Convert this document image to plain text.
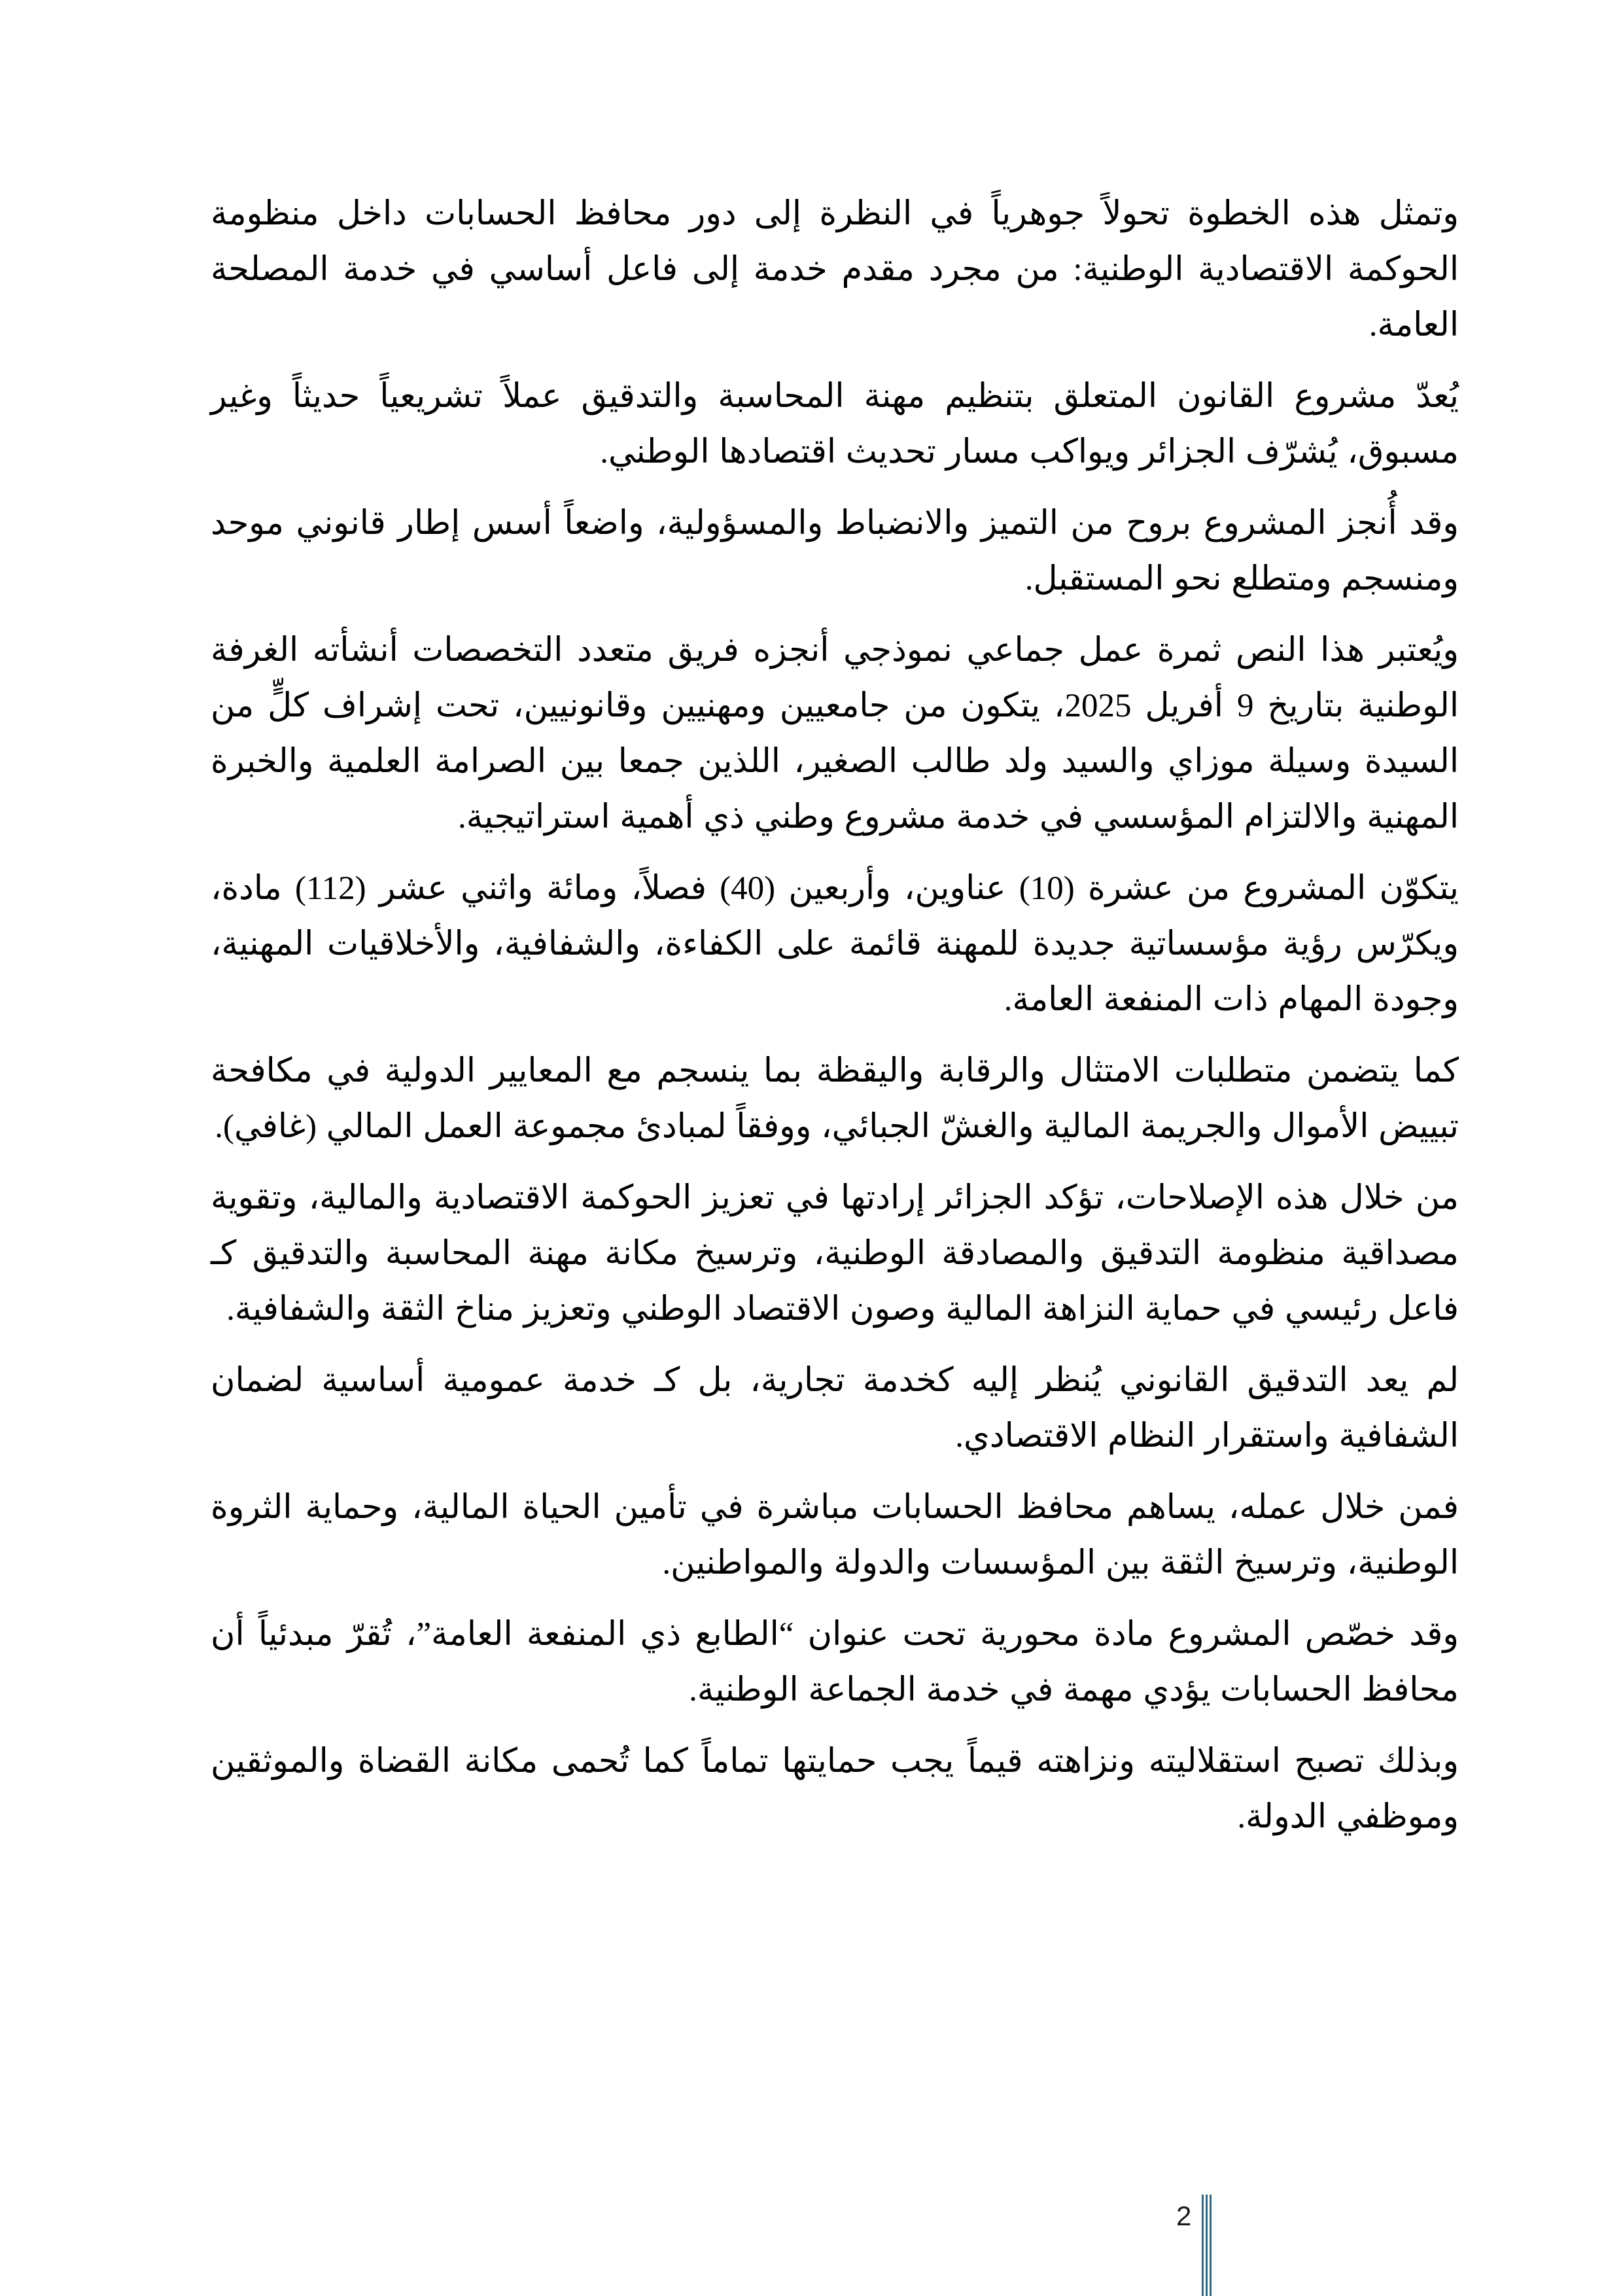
وتمثل هذه الخطوة تحولاً جوهرياً في النظرة إلى دور محافظ الحسابات داخل منظومة الحوكمة الاقتصادية الوطنية: من مجرد مقدم خدمة إلى فاعل أساسي في خدمة المصلحة العامة.

يُعدّ مشروع القانون المتعلق بتنظيم مهنة المحاسبة والتدقيق عملاً تشريعياً حديثاً وغير مسبوق، يُشرّف الجزائر ويواكب مسار تحديث اقتصادها الوطني.

وقد أُنجز المشروع بروح من التميز والانضباط والمسؤولية، واضعاً أسس إطار قانوني موحد ومنسجم ومتطلع نحو المستقبل.

ويُعتبر هذا النص ثمرة عمل جماعي نموذجي أنجزه فريق متعدد التخصصات أنشأته الغرفة الوطنية بتاريخ 9 أفريل 2025، يتكون من جامعيين ومهنيين وقانونيين، تحت إشراف كلٍّ من السيدة وسيلة موزاي والسيد ولد طالب الصغير، اللذين جمعا بين الصرامة العلمية والخبرة المهنية والالتزام المؤسسي في خدمة مشروع وطني ذي أهمية استراتيجية.

يتكوّن المشروع من عشرة (10) عناوين، وأربعين (40) فصلاً، ومائة واثني عشر (112) مادة، ويكرّس رؤية مؤسساتية جديدة للمهنة قائمة على الكفاءة، والشفافية، والأخلاقيات المهنية، وجودة المهام ذات المنفعة العامة.

كما يتضمن متطلبات الامتثال والرقابة واليقظة بما ينسجم مع المعايير الدولية في مكافحة تبييض الأموال والجريمة المالية والغشّ الجبائي، ووفقاً لمبادئ مجموعة العمل المالي (غافي).

من خلال هذه الإصلاحات، تؤكد الجزائر إرادتها في تعزيز الحوكمة الاقتصادية والمالية، وتقوية مصداقية منظومة التدقيق والمصادقة الوطنية، وترسيخ مكانة مهنة المحاسبة والتدقيق كـ فاعل رئيسي في حماية النزاهة المالية وصون الاقتصاد الوطني وتعزيز مناخ الثقة والشفافية.

لم يعد التدقيق القانوني يُنظر إليه كخدمة تجارية، بل كـ خدمة عمومية أساسية لضمان الشفافية واستقرار النظام الاقتصادي.

فمن خلال عمله، يساهم محافظ الحسابات مباشرة في تأمين الحياة المالية، وحماية الثروة الوطنية، وترسيخ الثقة بين المؤسسات والدولة والمواطنين.

وقد خصّص المشروع مادة محورية تحت عنوان “الطابع ذي المنفعة العامة”، تُقرّ مبدئياً أن محافظ الحسابات يؤدي مهمة في خدمة الجماعة الوطنية.

وبذلك تصبح استقلاليته ونزاهته قيماً يجب حمايتها تماماً كما تُحمى مكانة القضاة والموثقين وموظفي الدولة.

2
